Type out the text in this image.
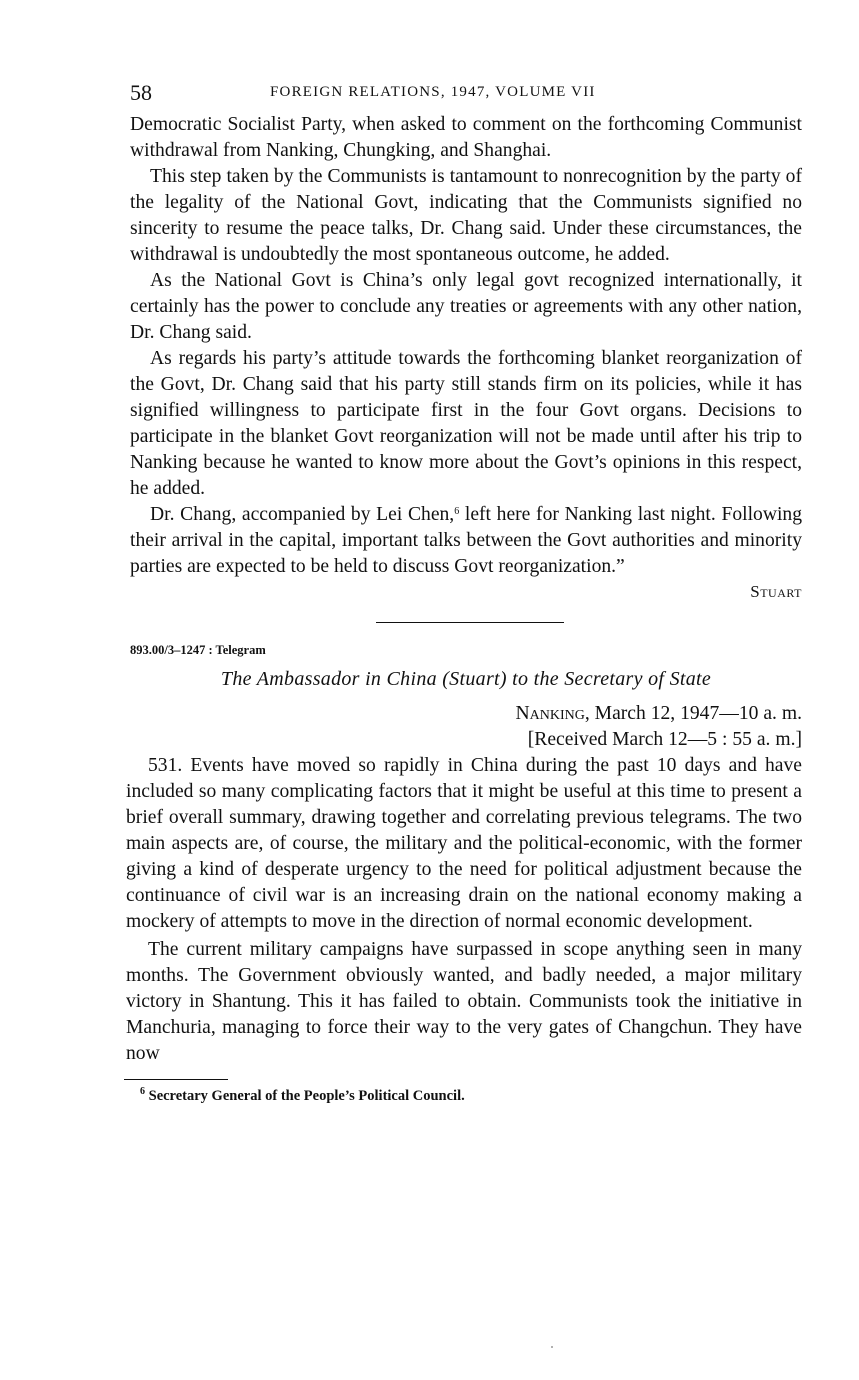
58	FOREIGN RELATIONS, 1947, VOLUME VII

Democratic Socialist Party, when asked to comment on the forthcoming Communist withdrawal from Nanking, Chungking, and Shanghai.

This step taken by the Communists is tantamount to nonrecognition by the party of the legality of the National Govt, indicating that the Communists signified no sincerity to resume the peace talks, Dr. Chang said. Under these circumstances, the withdrawal is undoubtedly the most spontaneous outcome, he added.

As the National Govt is China’s only legal govt recognized internationally, it certainly has the power to conclude any treaties or agreements with any other nation, Dr. Chang said.

As regards his party’s attitude towards the forthcoming blanket reorganization of the Govt, Dr. Chang said that his party still stands firm on its policies, while it has signified willingness to participate first in the four Govt organs. Decisions to participate in the blanket Govt reorganization will not be made until after his trip to Nanking because he wanted to know more about the Govt’s opinions in this respect, he added.

Dr. Chang, accompanied by Lei Chen,$^6$ left here for Nanking last night. Following their arrival in the capital, important talks between the Govt authorities and minority parties are expected to be held to discuss Govt reorganization.”

Stuart
893.00/3–1247 : Telegram
The Ambassador in China (Stuart) to the Secretary of State
Nanking, March 12, 1947—10 a. m.
[Received March 12—5 : 55 a. m.]

531. Events have moved so rapidly in China during the past 10 days and have included so many complicating factors that it might be useful at this time to present a brief overall summary, drawing together and correlating previous telegrams. The two main aspects are, of course, the military and the political-economic, with the former giving a kind of desperate urgency to the need for political adjustment because the continuance of civil war is an increasing drain on the national economy making a mockery of attempts to move in the direction of normal economic development.

The current military campaigns have surpassed in scope anything seen in many months. The Government obviously wanted, and badly needed, a major military victory in Shantung. This it has failed to obtain. Communists took the initiative in Manchuria, managing to force their way to the very gates of Changchun. They have now

$^6$ Secretary General of the People’s Political Council.
